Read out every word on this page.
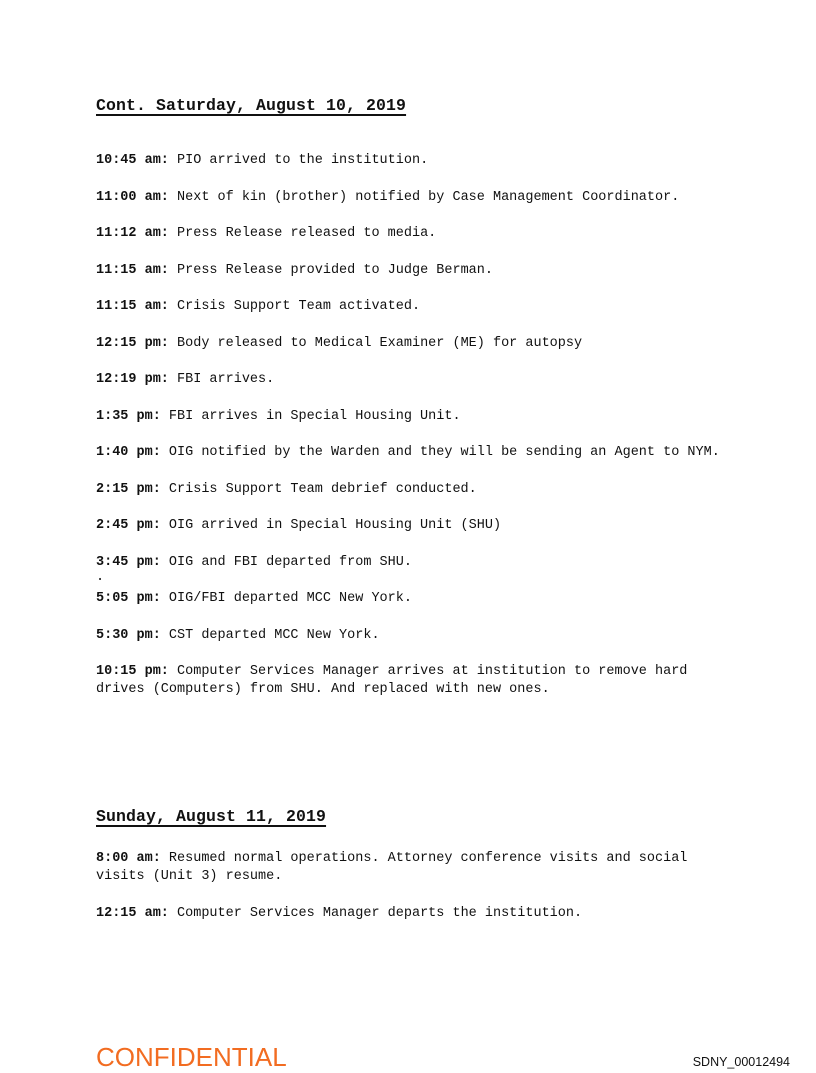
Cont. Saturday, August 10, 2019

10:45 am: PIO arrived to the institution.

11:00 am: Next of kin (brother) notified by Case Management Coordinator.

11:12 am: Press Release released to media.

11:15 am: Press Release provided to Judge Berman.

11:15 am: Crisis Support Team activated.

12:15 pm: Body released to Medical Examiner (ME) for autopsy

12:19 pm: FBI arrives.

1:35 pm: FBI arrives in Special Housing Unit.

1:40 pm: OIG notified by the Warden and they will be sending an Agent to NYM.

2:15 pm: Crisis Support Team debrief conducted.

2:45 pm: OIG arrived in Special Housing Unit (SHU)

3:45 pm: OIG and FBI departed from SHU.

5:05 pm: OIG/FBI departed MCC New York.

5:30 pm: CST departed MCC New York.

10:15 pm: Computer Services Manager arrives at institution to remove hard drives (Computers) from SHU. And replaced with new ones.

.
Sunday, August 11, 2019

8:00 am: Resumed normal operations. Attorney conference visits and social visits (Unit 3) resume.

12:15 am: Computer Services Manager departs the institution.

CONFIDENTIAL	SDNY_00012494
